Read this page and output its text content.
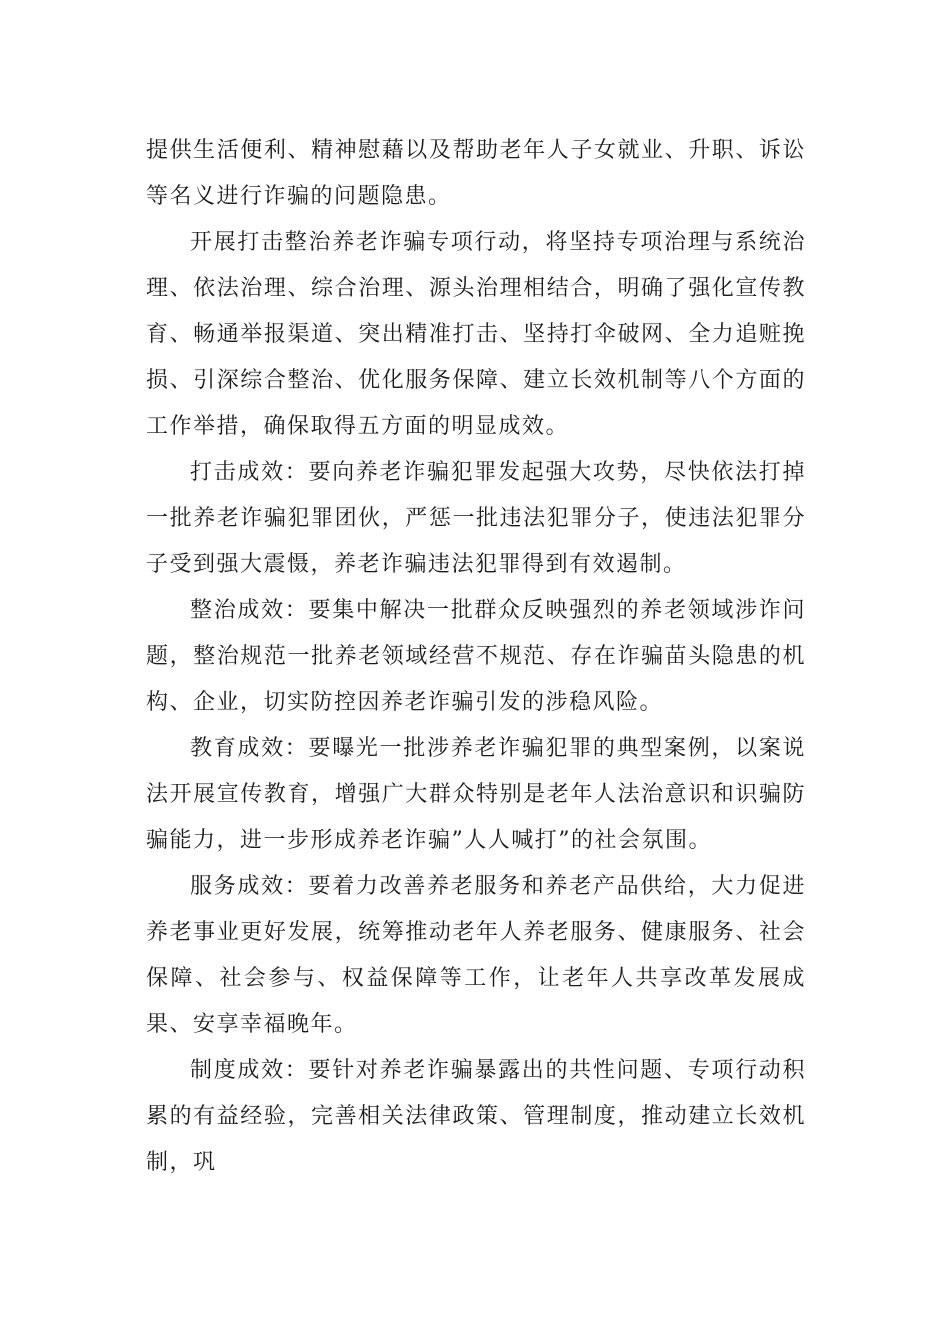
提供生活便利、精神慰藉以及帮助老年人子女就业、升职、诉讼等名义进行诈骗的问题隐患。

开展打击整治养老诈骗专项行动，将坚持专项治理与系统治理、依法治理、综合治理、源头治理相结合，明确了强化宣传教育、畅通举报渠道、突出精准打击、坚持打伞破网、全力追赃挽损、引深综合整治、优化服务保障、建立长效机制等八个方面的工作举措，确保取得五方面的明显成效。

打击成效：要向养老诈骗犯罪发起强大攻势，尽快依法打掉一批养老诈骗犯罪团伙，严惩一批违法犯罪分子，使违法犯罪分子受到强大震慑，养老诈骗违法犯罪得到有效遏制。

整治成效：要集中解决一批群众反映强烈的养老领域涉诈问题，整治规范一批养老领域经营不规范、存在诈骗苗头隐患的机构、企业，切实防控因养老诈骗引发的涉稳风险。

教育成效：要曝光一批涉养老诈骗犯罪的典型案例，以案说法开展宣传教育，增强广大群众特别是老年人法治意识和识骗防骗能力，进一步形成养老诈骗”人人喊打”的社会氛围。

服务成效：要着力改善养老服务和养老产品供给，大力促进养老事业更好发展，统筹推动老年人养老服务、健康服务、社会保障、社会参与、权益保障等工作，让老年人共享改革发展成果、安享幸福晚年。

制度成效：要针对养老诈骗暴露出的共性问题、专项行动积累的有益经验，完善相关法律政策、管理制度，推动建立长效机制，巩
